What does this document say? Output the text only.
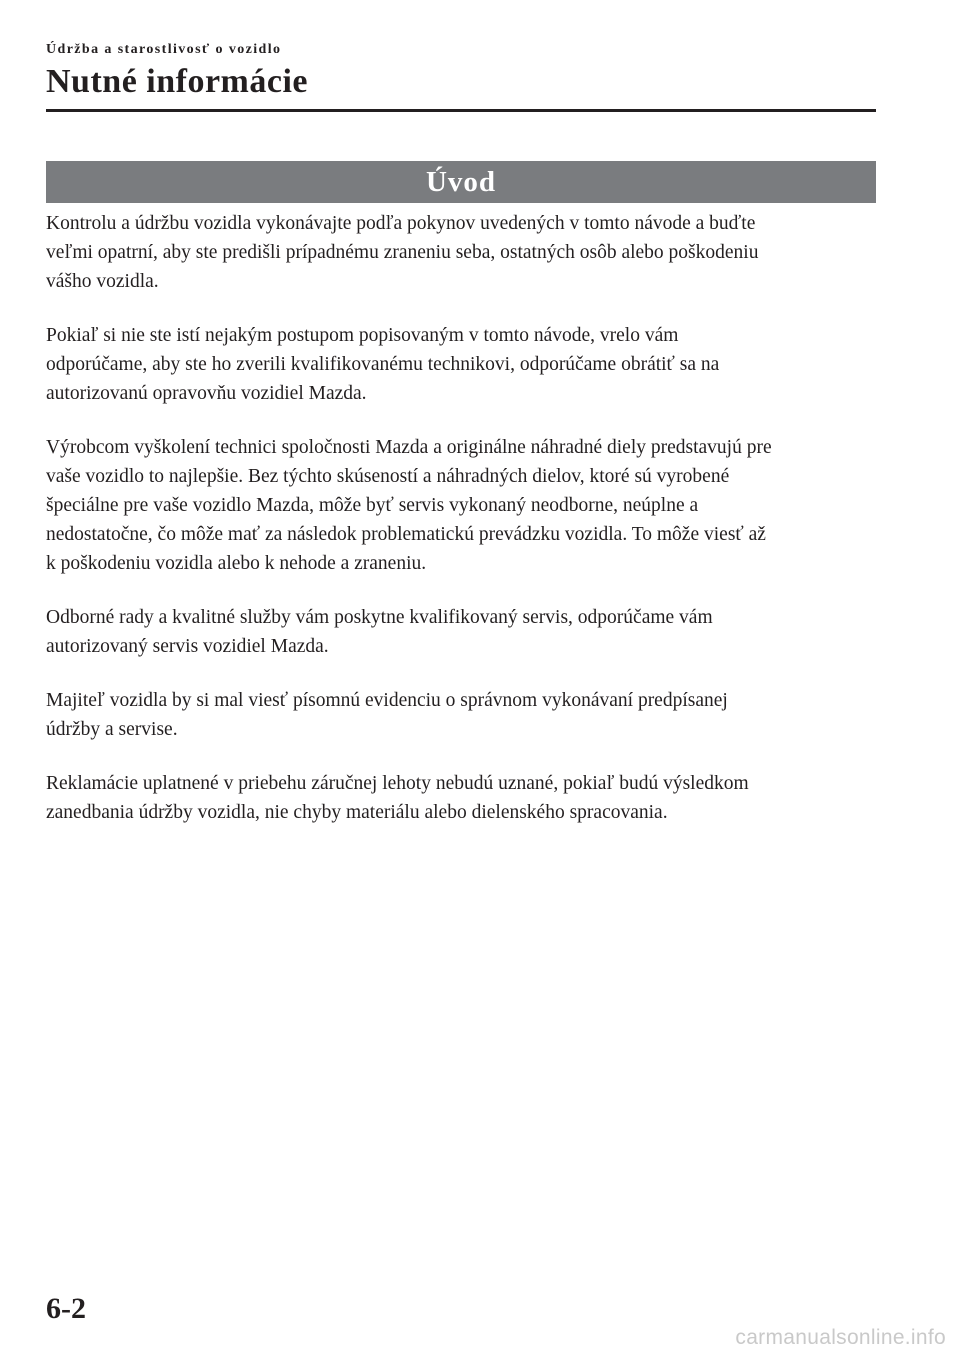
Údržba a starostlivosť o vozidlo
Nutné informácie
Úvod
Kontrolu a údržbu vozidla vykonávajte podľa pokynov uvedených v tomto návode a buďte
veľmi opatrní, aby ste predišli prípadnému zraneniu seba, ostatných osôb alebo poškodeniu
vášho vozidla.
Pokiaľ si nie ste istí nejakým postupom popisovaným v tomto návode, vrelo vám
odporúčame, aby ste ho zverili kvalifikovanému technikovi, odporúčame obrátiť sa na
autorizovanú opravovňu vozidiel Mazda.
Výrobcom vyškolení technici spoločnosti Mazda a originálne náhradné diely predstavujú pre
vaše vozidlo to najlepšie. Bez týchto skúseností a náhradných dielov, ktoré sú vyrobené
špeciálne pre vaše vozidlo Mazda, môže byť servis vykonaný neodborne, neúplne a
nedostatočne, čo môže mať za následok problematickú prevádzku vozidla. To môže viesť až
k poškodeniu vozidla alebo k nehode a zraneniu.
Odborné rady a kvalitné služby vám poskytne kvalifikovaný servis, odporúčame vám
autorizovaný servis vozidiel Mazda.
Majiteľ vozidla by si mal viesť písomnú evidenciu o správnom vykonávaní predpísanej
údržby a servise.
Reklamácie uplatnené v priebehu záručnej lehoty nebudú uznané, pokiaľ budú výsledkom
zanedbania údržby vozidla, nie chyby materiálu alebo dielenského spracovania.
6-2
carmanualsonline.info
